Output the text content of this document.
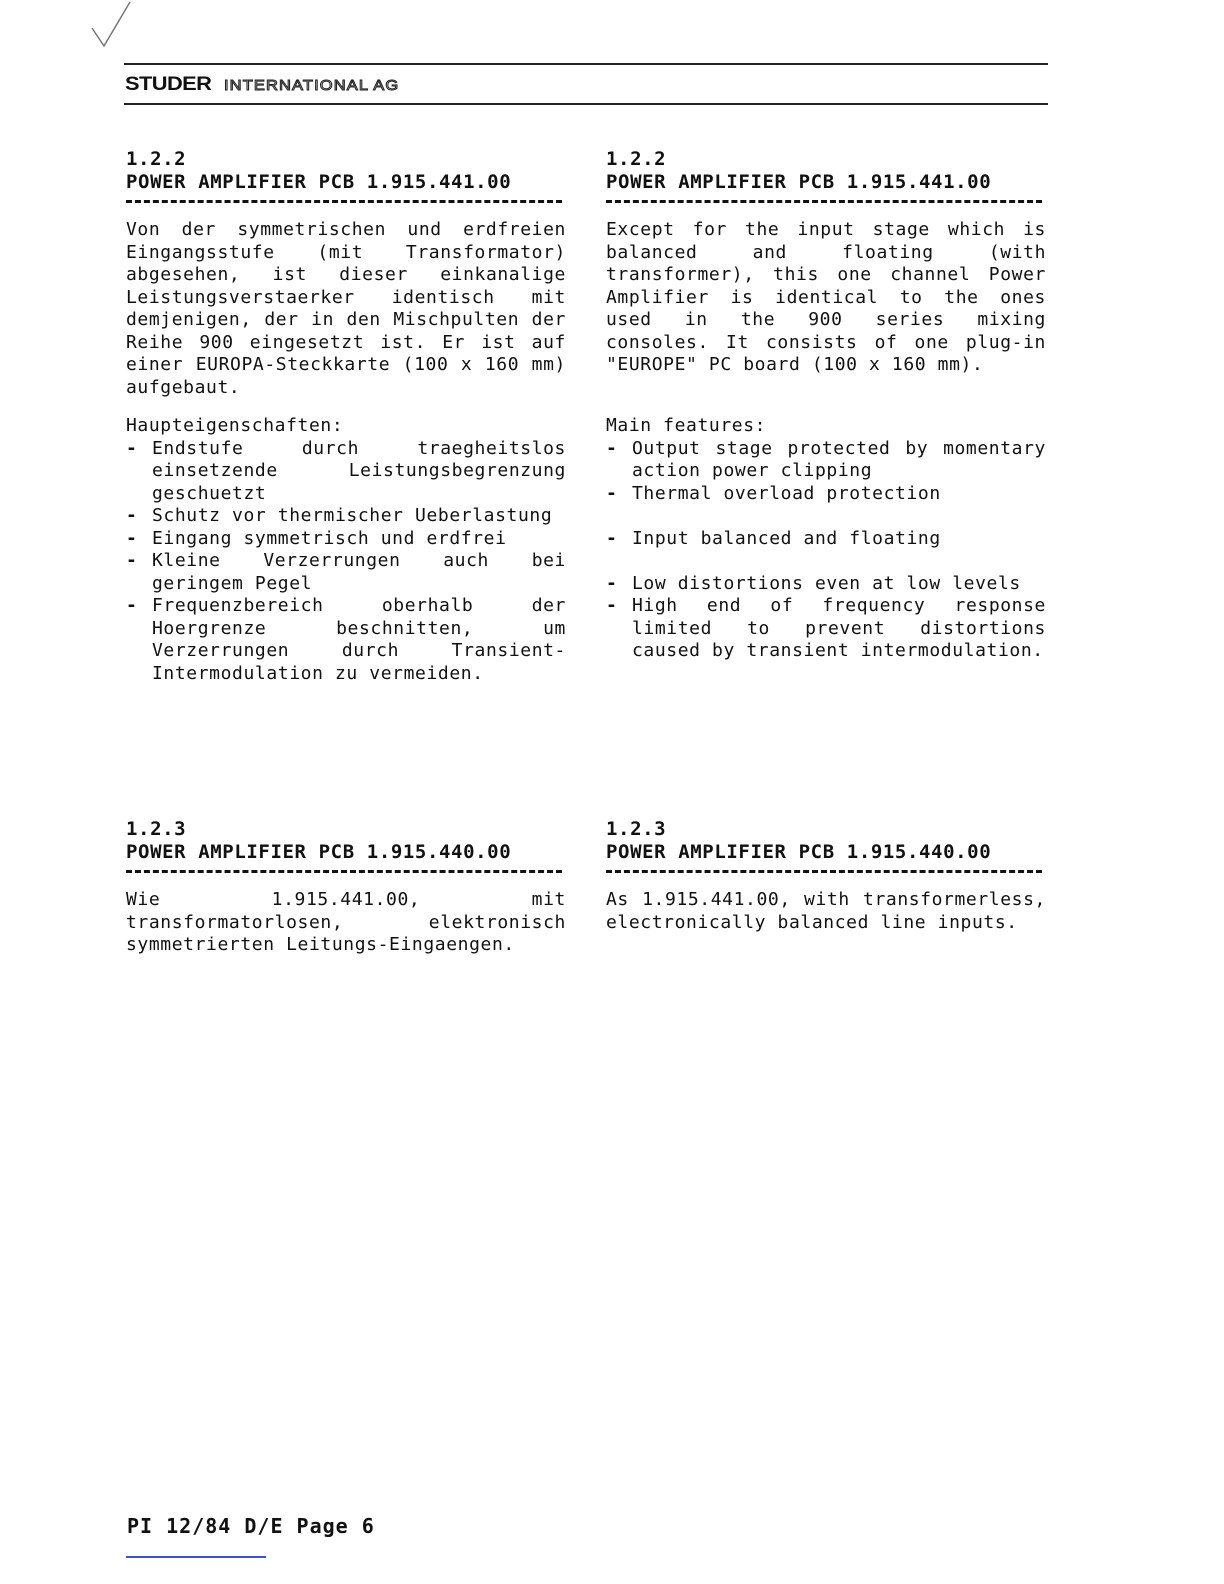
STUDER INTERNATIONAL AG
1.2.2
POWER AMPLIFIER PCB 1.915.441.00

Von der symmetrischen und erdfreien Eingangsstufe (mit Transformator) abgesehen, ist dieser einkanalige Leistungsverstaerker identisch mit demjenigen, der in den Mischpulten der Reihe 900 eingesetzt ist. Er ist auf einer EUROPA-Steckkarte (100 x 160 mm) aufgebaut.

Haupteigenschaften:

- Endstufe durch traegheitslos einsetzende Leistungsbegrenzung geschuetzt
- Schutz vor thermischer Ueberlastung
- Eingang symmetrisch und erdfrei
- Kleine Verzerrungen auch bei geringem Pegel
- Frequenzbereich oberhalb der Hoergrenze beschnitten, um Verzerrungen durch Transient-Intermodulation zu vermeiden.
1.2.2
POWER AMPLIFIER PCB 1.915.441.00

Except for the input stage which is balanced and floating (with transformer), this one channel Power Amplifier is identical to the ones used in the 900 series mixing consoles. It consists of one plug-in "EUROPE" PC board (100 x 160 mm).

Main features:

- Output stage protected by momentary action power clipping
- Thermal overload protection
- Input balanced and floating
- Low distortions even at low levels
- High end of frequency response limited to prevent distortions caused by transient intermodulation.
1.2.3
POWER AMPLIFIER PCB 1.915.440.00

Wie 1.915.441.00, mit transformatorlosen, elektronisch symmetrierten Leitungs-Eingaengen.

1.2.3
POWER AMPLIFIER PCB 1.915.440.00

As 1.915.441.00, with transformerless, electronically balanced line inputs.

PI 12/84 D/E Page 6
